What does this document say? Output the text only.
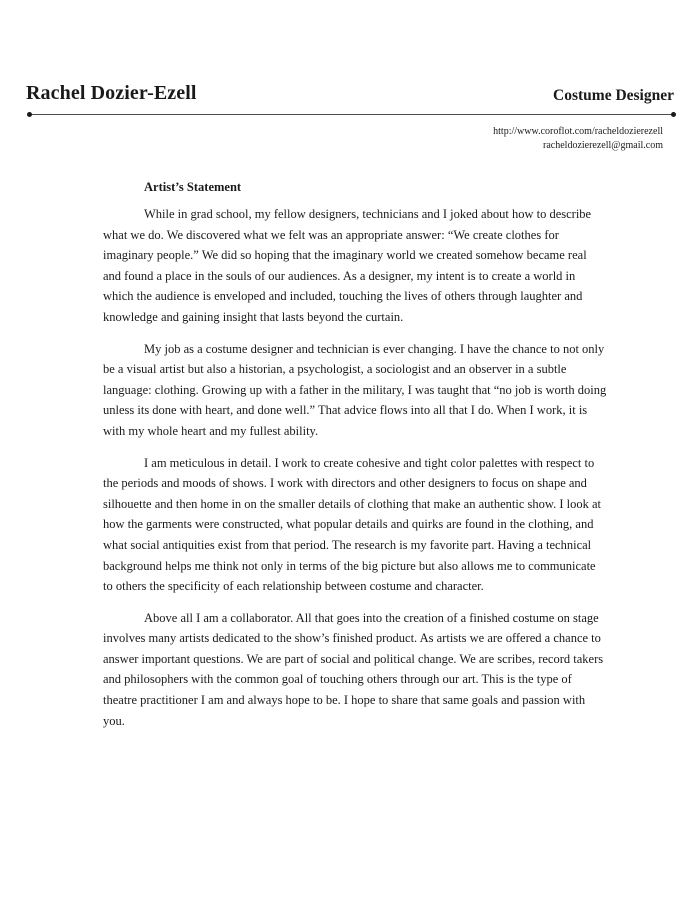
Rachel Dozier-Ezell	Costume Designer
http://www.coroflot.com/racheldozierezell
racheldozierezell@gmail.com
Artist’s Statement

While in grad school, my fellow designers, technicians and I joked about how to describe what we do. We discovered what we felt was an appropriate answer: “We create clothes for imaginary people.” We did so hoping that the imaginary world we created somehow became real and found a place in the souls of our audiences. As a designer, my intent is to create a world in which the audience is enveloped and included, touching the lives of others through laughter and knowledge and gaining insight that lasts beyond the curtain.

My job as a costume designer and technician is ever changing. I have the chance to not only be a visual artist but also a historian, a psychologist, a sociologist and an observer in a subtle language: clothing. Growing up with a father in the military, I was taught that “no job is worth doing unless its done with heart, and done well.” That advice flows into all that I do. When I work, it is with my whole heart and my fullest ability.

I am meticulous in detail. I work to create cohesive and tight color palettes with respect to the periods and moods of shows. I work with directors and other designers to focus on shape and silhouette and then home in on the smaller details of clothing that make an authentic show. I look at how the garments were constructed, what popular details and quirks are found in the clothing, and what social antiquities exist from that period. The research is my favorite part. Having a technical background helps me think not only in terms of the big picture but also allows me to communicate to others the specificity of each relationship between costume and character.

Above all I am a collaborator. All that goes into the creation of a finished costume on stage involves many artists dedicated to the show’s finished product. As artists we are offered a chance to answer important questions. We are part of social and political change. We are scribes, record takers and philosophers with the common goal of touching others through our art. This is the type of theatre practitioner I am and always hope to be. I hope to share that same goals and passion with you.
